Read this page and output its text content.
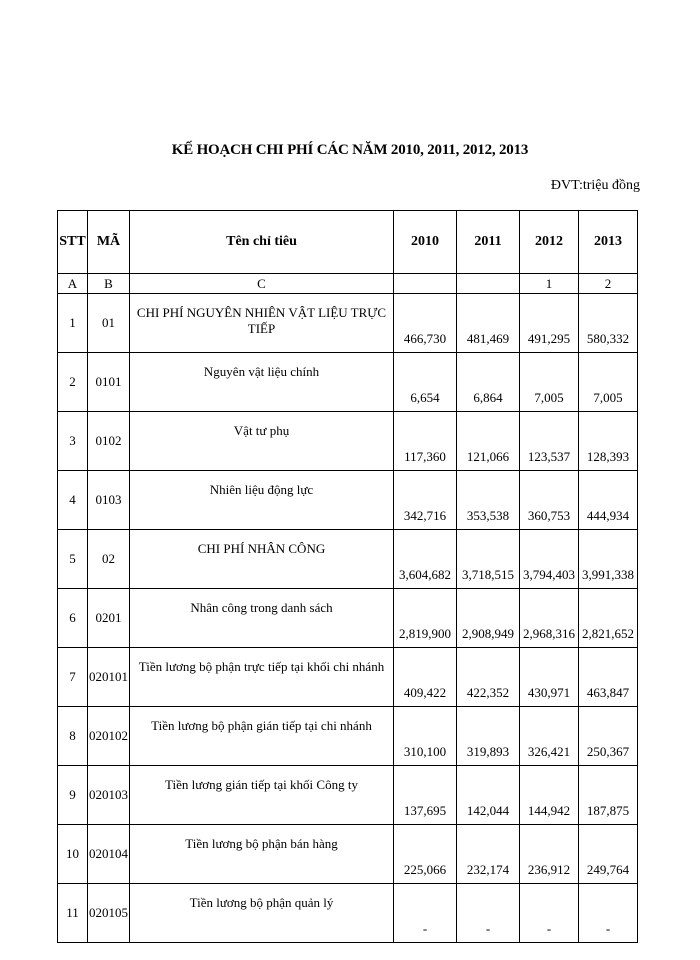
KẾ HOẠCH CHI PHÍ CÁC NĂM 2010, 2011, 2012, 2013
ĐVT:triệu đồng
STT	MÃ	Tên chỉ tiêu	2010	2011	2012	2013
A	B	C			1	2
1	01	CHI PHÍ NGUYÊN NHIÊN VẬT LIỆU TRỰC TIẾP	466,730	481,469	491,295	580,332
2	0101	Nguyên vật liệu chính	6,654	6,864	7,005	7,005
3	0102	Vật tư phụ	117,360	121,066	123,537	128,393
4	0103	Nhiên liệu động lực	342,716	353,538	360,753	444,934
5	02	CHI PHÍ NHÂN CÔNG	3,604,682	3,718,515	3,794,403	3,991,338
6	0201	Nhân công trong danh sách	2,819,900	2,908,949	2,968,316	2,821,652
7	020101	Tiền lương bộ phận trực tiếp tại khối chi nhánh	409,422	422,352	430,971	463,847
8	020102	Tiền lương bộ phận gián tiếp tại chi nhánh	310,100	319,893	326,421	250,367
9	020103	Tiền lương gián tiếp tại khối Công ty	137,695	142,044	144,942	187,875
10	020104	Tiền lương bộ phận bán hàng	225,066	232,174	236,912	249,764
11	020105	Tiền lương bộ phận quản lý	-	-	-	-
